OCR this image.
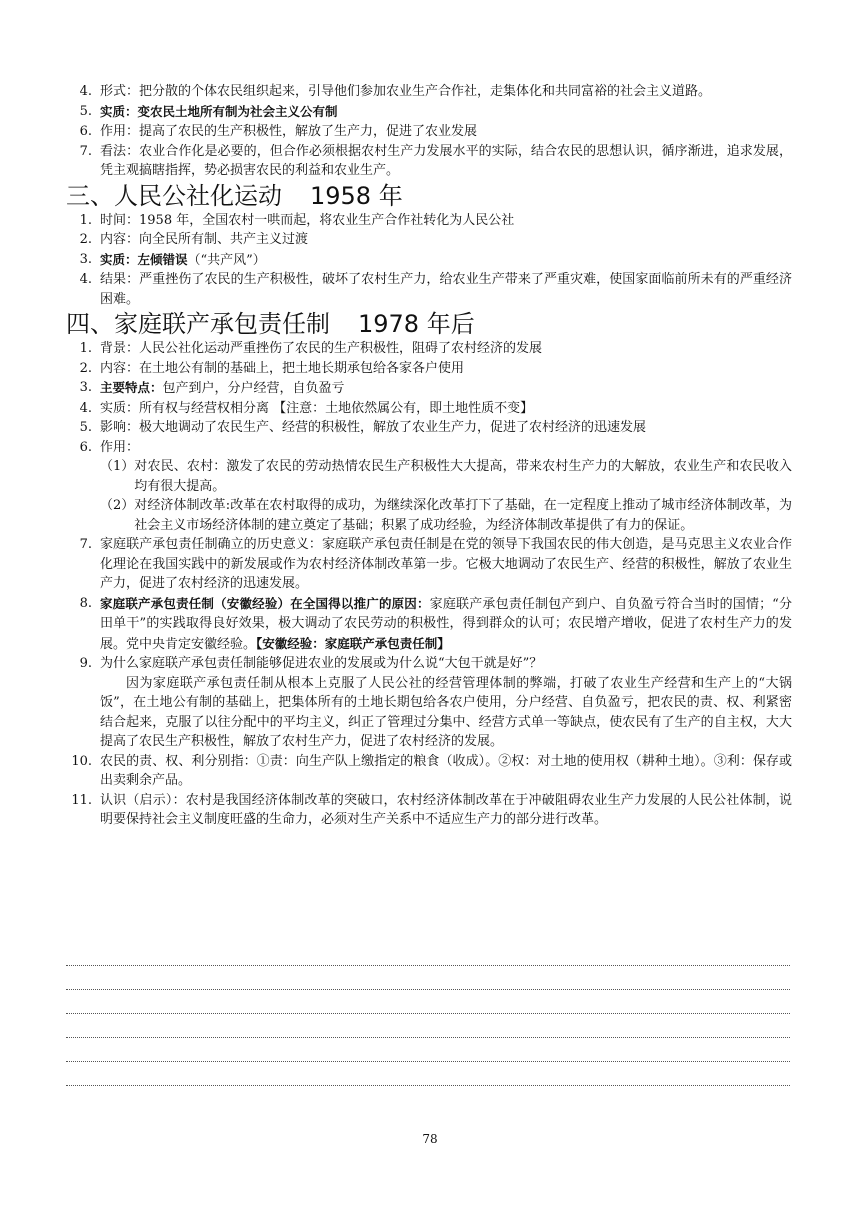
4. 形式：把分散的个体农民组织起来，引导他们参加农业生产合作社，走集体化和共同富裕的社会主义道路。
5. 实质：变农民土地所有制为社会主义公有制
6. 作用：提高了农民的生产积极性，解放了生产力，促进了农业发展
7. 看法：农业合作化是必要的，但合作必须根据农村生产力发展水平的实际，结合农民的思想认识，循序渐进，追求发展，凭主观搞瞎指挥，势必损害农民的利益和农业生产。
三、人民公社化运动 1958 年
1. 时间：1958 年，全国农村一哄而起，将农业生产合作社转化为人民公社
2. 内容：向全民所有制、共产主义过渡
3. 实质：左倾错误（“共产风”）
4. 结果：严重挫伤了农民的生产积极性，破坏了农村生产力，给农业生产带来了严重灾难，使国家面临前所未有的严重经济困难。
四、家庭联产承包责任制 1978 年后
1. 背景：人民公社化运动严重挫伤了农民的生产积极性，阻碍了农村经济的发展
2. 内容：在土地公有制的基础上，把土地长期承包给各家各户使用
3. 主要特点：包产到户，分户经营，自负盈亏
4. 实质：所有权与经营权相分离 【注意：土地依然属公有，即土地性质不变】
5. 影响：极大地调动了农民生产、经营的积极性，解放了农业生产力，促进了农村经济的迅速发展
6. 作用：
（1） 对农民、农村：激发了农民的劳动热情农民生产积极性大大提高，带来农村生产力的大解放，农业生产和农民收入均有很大提高。
（2） 对经济体制改革:改革在农村取得的成功，为继续深化改革打下了基础，在一定程度上推动了城市经济体制改革，为社会主义市场经济体制的建立奠定了基础；积累了成功经验，为经济体制改革提供了有力的保证。
7. 家庭联产承包责任制确立的历史意义：家庭联产承包责任制是在党的领导下我国农民的伟大创造，是马克思主义农业合作化理论在我国实践中的新发展或作为农村经济体制改革第一步。它极大地调动了农民生产、经营的积极性，解放了农业生产力，促进了农村经济的迅速发展。
8. 家庭联产承包责任制（安徽经验）在全国得以推广的原因：家庭联产承包责任制包产到户、自负盈亏符合当时的国情；“分田单干”的实践取得良好效果，极大调动了农民劳动的积极性，得到群众的认可；农民增产增收，促进了农村生产力的发展。党中央肯定安徽经验。【安徽经验：家庭联产承包责任制】
9. 为什么家庭联产承包责任制能够促进农业的发展或为什么说“大包干就是好”？
因为家庭联产承包责任制从根本上克服了人民公社的经营管理体制的弊端，打破了农业生产经营和生产上的“大锅饭”，在土地公有制的基础上，把集体所有的土地长期包给各农户使用，分户经营、自负盈亏，把农民的责、权、利紧密结合起来，克服了以往分配中的平均主义，纠正了管理过分集中、经营方式单一等缺点，使农民有了生产的自主权，大大提高了农民生产积极性，解放了农村生产力，促进了农村经济的发展。
10. 农民的责、权、利分别指：①责：向生产队上缴指定的粮食（收成）。②权：对土地的使用权（耕种土地）。③利：保存或出卖剩余产品。
11. 认识（启示）：农村是我国经济体制改革的突破口，农村经济体制改革在于冲破阻碍农业生产力发展的人民公社体制，说明要保持社会主义制度旺盛的生命力，必须对生产关系中不适应生产力的部分进行改革。
78
